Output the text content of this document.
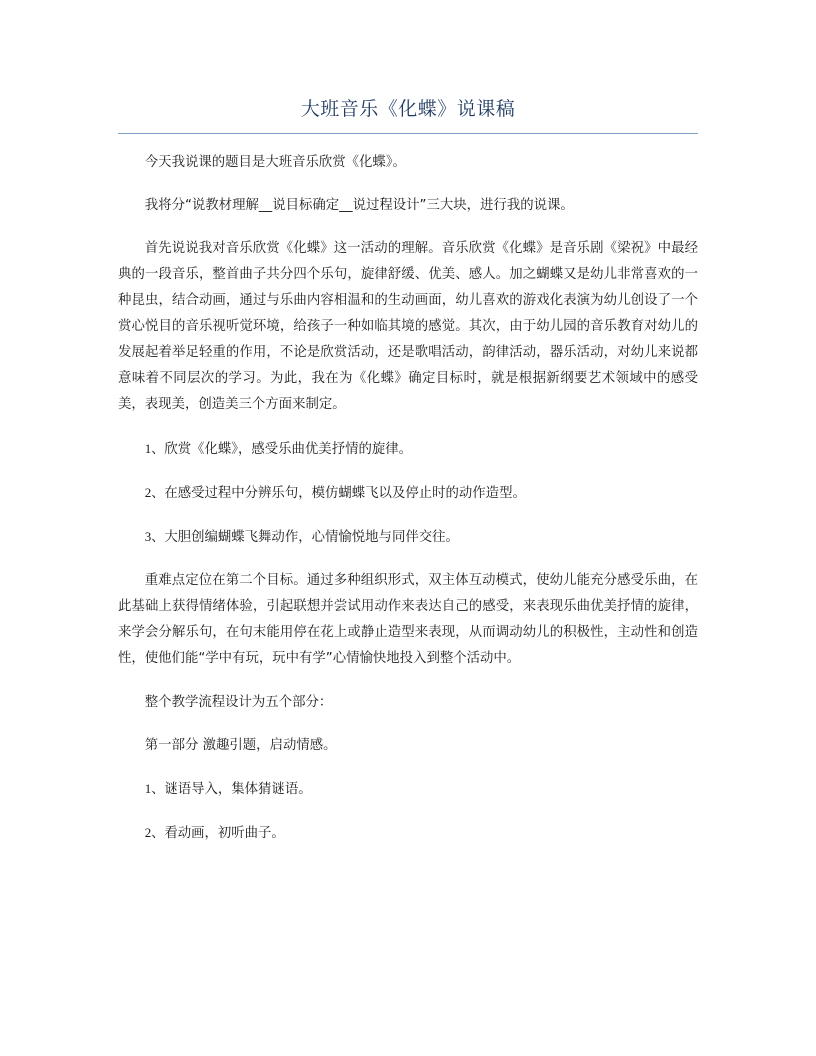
大班音乐《化蝶》说课稿

今天我说课的题目是大班音乐欣赏《化蝶》。

我将分“说教材理解__说目标确定__说过程设计”三大块，进行我的说课。

首先说说我对音乐欣赏《化蝶》这一活动的理解。音乐欣赏《化蝶》是音乐剧《梁祝》中最经典的一段音乐，整首曲子共分四个乐句，旋律舒缓、优美、感人。加之蝴蝶又是幼儿非常喜欢的一种昆虫，结合动画，通过与乐曲内容相温和的生动画面，幼儿喜欢的游戏化表演为幼儿创设了一个赏心悦目的音乐视听觉环境，给孩子一种如临其境的感觉。其次，由于幼儿园的音乐教育对幼儿的发展起着举足轻重的作用，不论是欣赏活动，还是歌唱活动，韵律活动，器乐活动，对幼儿来说都意味着不同层次的学习。为此，我在为《化蝶》确定目标时，就是根据新纲要艺术领域中的感受美，表现美，创造美三个方面来制定。

1、欣赏《化蝶》，感受乐曲优美抒情的旋律。

2、在感受过程中分辨乐句，模仿蝴蝶飞以及停止时的动作造型。

3、大胆创编蝴蝶飞舞动作，心情愉悦地与同伴交往。

重难点定位在第二个目标。通过多种组织形式，双主体互动模式，使幼儿能充分感受乐曲，在此基础上获得情绪体验，引起联想并尝试用动作来表达自己的感受，来表现乐曲优美抒情的旋律，来学会分解乐句，在句末能用停在花上或静止造型来表现，从而调动幼儿的积极性，主动性和创造性，使他们能“学中有玩，玩中有学”心情愉快地投入到整个活动中。

整个教学流程设计为五个部分：

第一部分 激趣引题，启动情感。

1、谜语导入，集体猜谜语。

2、看动画，初听曲子。
